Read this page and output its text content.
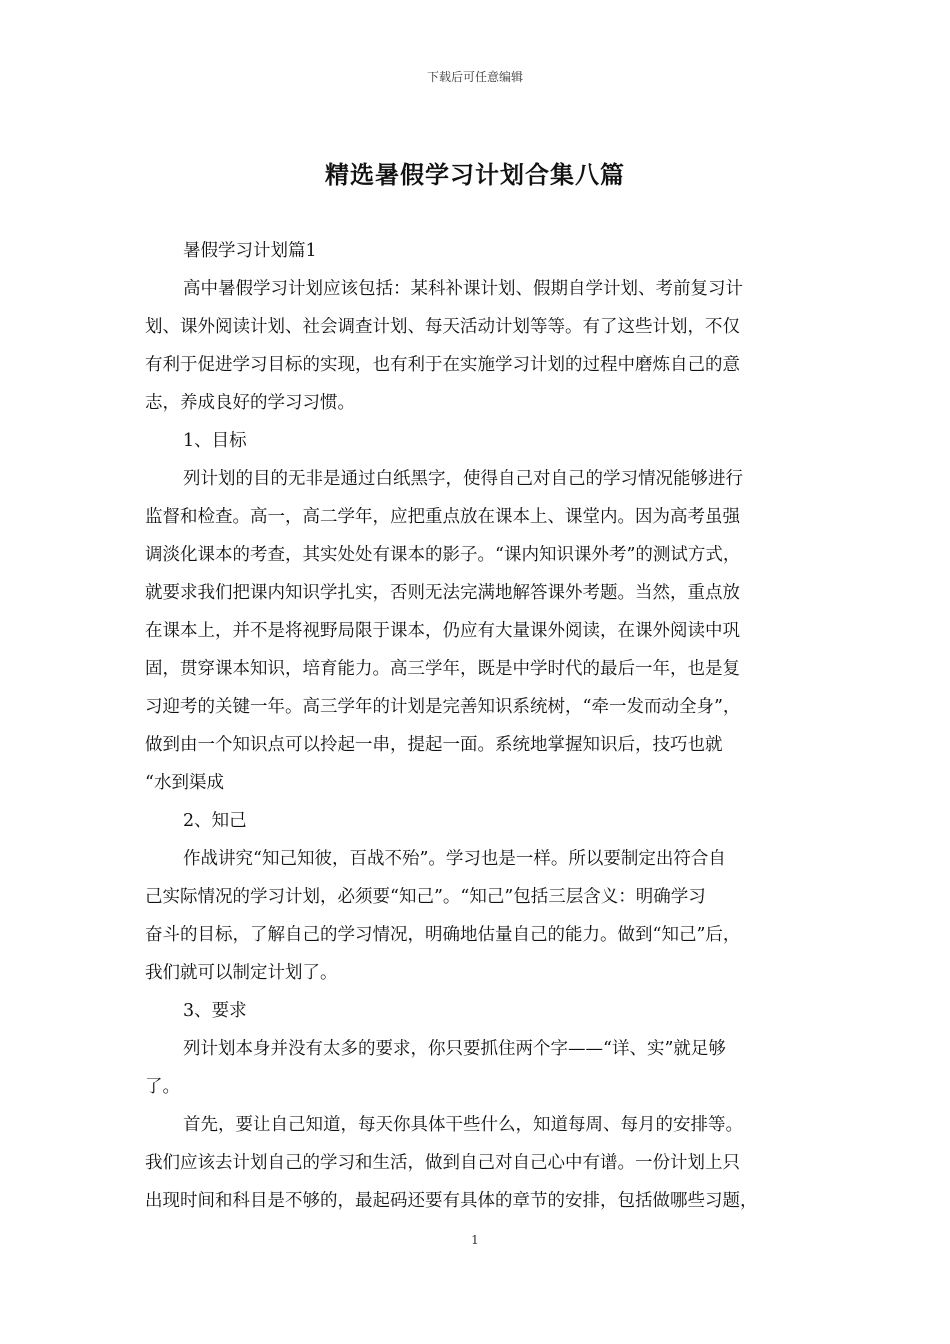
下载后可任意编辑
精选暑假学习计划合集八篇
暑假学习计划篇1
高中暑假学习计划应该包括：某科补课计划、假期自学计划、考前复习计
划、课外阅读计划、社会调查计划、每天活动计划等等。有了这些计划，不仅
有利于促进学习目标的实现，也有利于在实施学习计划的过程中磨炼自己的意
志，养成良好的学习习惯。
1、目标
列计划的目的无非是通过白纸黑字，使得自己对自己的学习情况能够进行
监督和检查。高一，高二学年，应把重点放在课本上、课堂内。因为高考虽强
调淡化课本的考查，其实处处有课本的影子。“课内知识课外考”的测试方式，
就要求我们把课内知识学扎实，否则无法完满地解答课外考题。当然，重点放
在课本上，并不是将视野局限于课本，仍应有大量课外阅读，在课外阅读中巩
固，贯穿课本知识，培育能力。高三学年，既是中学时代的最后一年，也是复
习迎考的关键一年。高三学年的计划是完善知识系统树，“牵一发而动全身”，
做到由一个知识点可以拎起一串，提起一面。系统地掌握知识后，技巧也就
“水到渠成
2、知己
作战讲究“知己知彼，百战不殆”。学习也是一样。所以要制定出符合自
己实际情况的学习计划，必须要“知己”。“知己”包括三层含义：明确学习
奋斗的目标，了解自己的学习情况，明确地估量自己的能力。做到“知己”后，
我们就可以制定计划了。
3、要求
列计划本身并没有太多的要求，你只要抓住两个字——“详、实”就足够
了。
首先，要让自己知道，每天你具体干些什么，知道每周、每月的安排等。
我们应该去计划自己的学习和生活，做到自己对自己心中有谱。一份计划上只
出现时间和科目是不够的，最起码还要有具体的章节的安排，包括做哪些习题，
1
